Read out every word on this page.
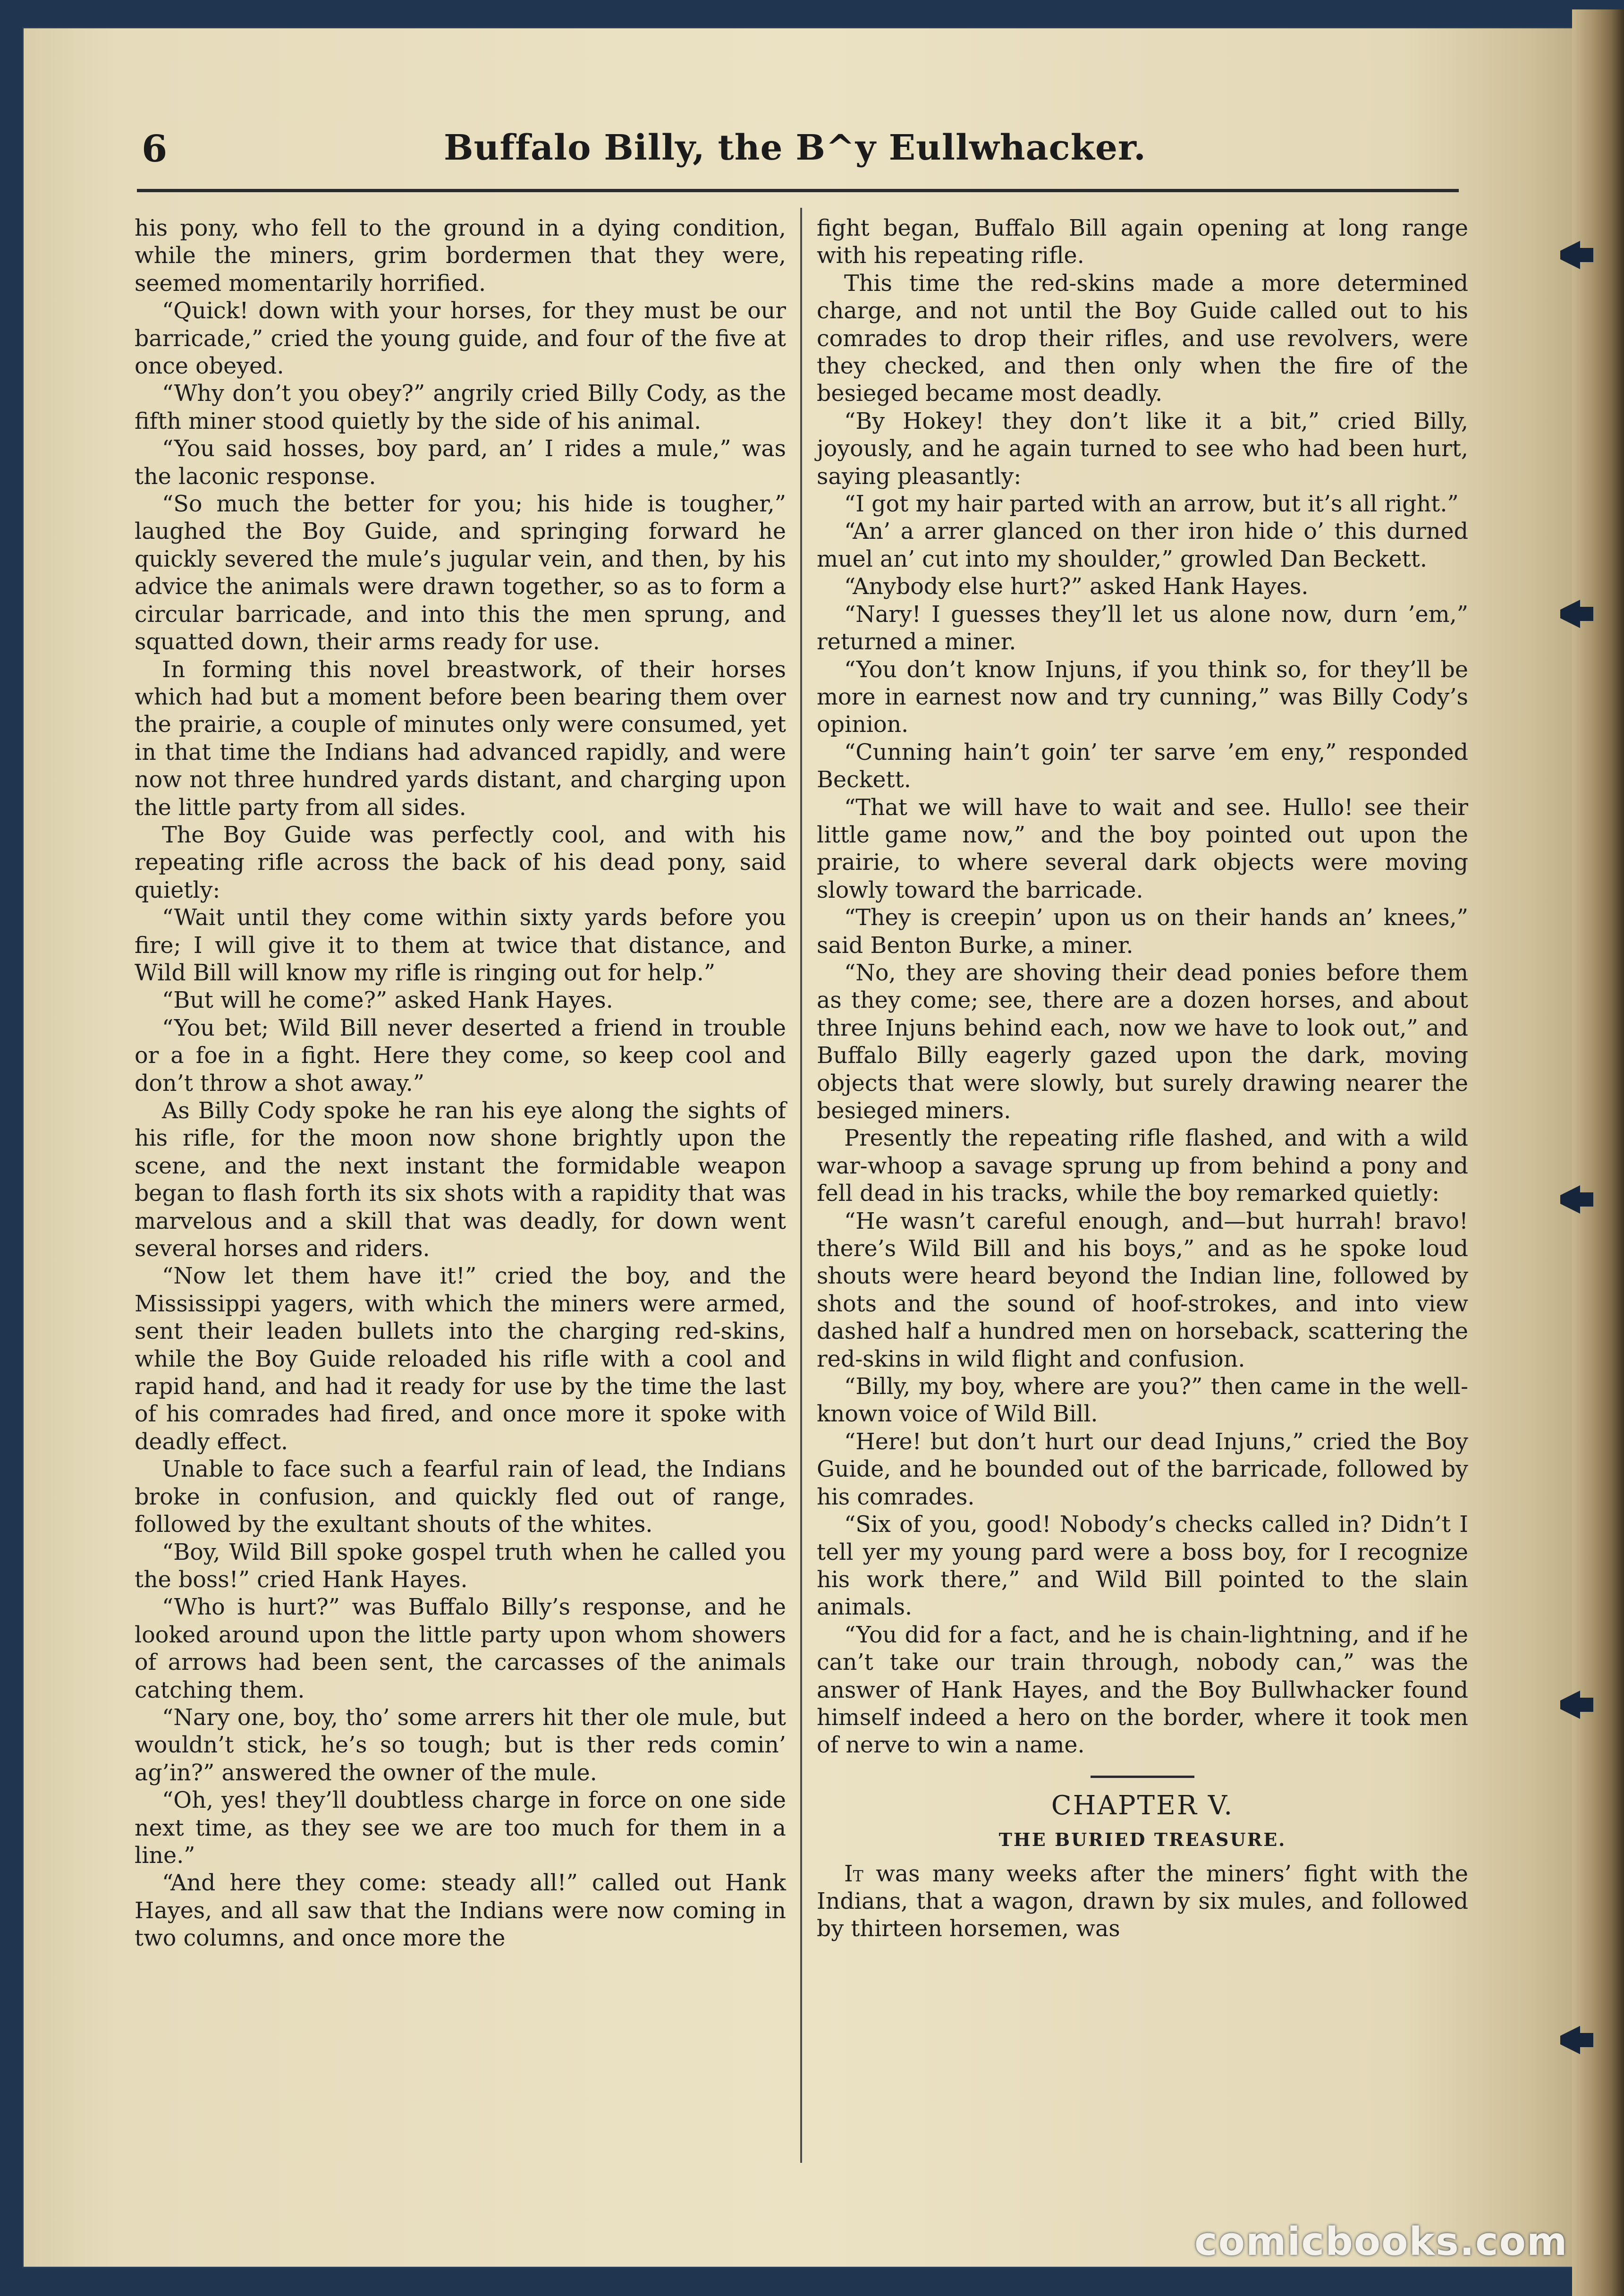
6	Buffalo Billy, the B^y Eullwhacker.

his pony, who fell to the ground in a dying condition, while the miners, grim bordermen that they were, seemed momentarily horrified.

“Quick! down with your horses, for they must be our barricade,” cried the young guide, and four of the five at once obeyed.

“Why don’t you obey?” angrily cried Billy Cody, as the fifth miner stood quietly by the side of his animal.

“You said hosses, boy pard, an’ I rides a mule,” was the laconic response.

“So much the better for you; his hide is tougher,” laughed the Boy Guide, and springing forward he quickly severed the mule’s jugular vein, and then, by his advice the animals were drawn together, so as to form a circular barricade, and into this the men sprung, and squatted down, their arms ready for use.

In forming this novel breastwork, of their horses which had but a moment before been bearing them over the prairie, a couple of minutes only were consumed, yet in that time the Indians had advanced rapidly, and were now not three hundred yards distant, and charging upon the little party from all sides.

The Boy Guide was perfectly cool, and with his repeating rifle across the back of his dead pony, said quietly:

“Wait until they come within sixty yards before you fire; I will give it to them at twice that distance, and Wild Bill will know my rifle is ringing out for help.”

“But will he come?” asked Hank Hayes.

“You bet; Wild Bill never deserted a friend in trouble or a foe in a fight. Here they come, so keep cool and don’t throw a shot away.”

As Billy Cody spoke he ran his eye along the sights of his rifle, for the moon now shone brightly upon the scene, and the next instant the formidable weapon began to flash forth its six shots with a rapidity that was marvelous and a skill that was deadly, for down went several horses and riders.

“Now let them have it!” cried the boy, and the Mississippi yagers, with which the miners were armed, sent their leaden bullets into the charging red-skins, while the Boy Guide reloaded his rifle with a cool and rapid hand, and had it ready for use by the time the last of his comrades had fired, and once more it spoke with deadly effect.

Unable to face such a fearful rain of lead, the Indians broke in confusion, and quickly fled out of range, followed by the exultant shouts of the whites.

“Boy, Wild Bill spoke gospel truth when he called you the boss!” cried Hank Hayes.

“Who is hurt?” was Buffalo Billy’s response, and he looked around upon the little party upon whom showers of arrows had been sent, the carcasses of the animals catching them.

“Nary one, boy, tho’ some arrers hit ther ole mule, but wouldn’t stick, he’s so tough; but is ther reds comin’ ag’in?” answered the owner of the mule.

“Oh, yes! they’ll doubtless charge in force on one side next time, as they see we are too much for them in a line.”

“And here they come: steady all!” called out Hank Hayes, and all saw that the Indians were now coming in two columns, and once more the

fight began, Buffalo Bill again opening at long range with his repeating rifle.

This time the red-skins made a more determined charge, and not until the Boy Guide called out to his comrades to drop their rifles, and use revolvers, were they checked, and then only when the fire of the besieged became most deadly.

“By Hokey! they don’t like it a bit,” cried Billy, joyously, and he again turned to see who had been hurt, saying pleasantly:

“I got my hair parted with an arrow, but it’s all right.”

“An’ a arrer glanced on ther iron hide o’ this durned muel an’ cut into my shoulder,” growled Dan Beckett.

“Anybody else hurt?” asked Hank Hayes.

“Nary! I guesses they’ll let us alone now, durn ’em,” returned a miner.

“You don’t know Injuns, if you think so, for they’ll be more in earnest now and try cunning,” was Billy Cody’s opinion.

“Cunning hain’t goin’ ter sarve ’em eny,” responded Beckett.

“That we will have to wait and see. Hullo! see their little game now,” and the boy pointed out upon the prairie, to where several dark objects were moving slowly toward the barricade.

“They is creepin’ upon us on their hands an’ knees,” said Benton Burke, a miner.

“No, they are shoving their dead ponies before them as they come; see, there are a dozen horses, and about three Injuns behind each, now we have to look out,” and Buffalo Billy eagerly gazed upon the dark, moving objects that were slowly, but surely drawing nearer the besieged miners.

Presently the repeating rifle flashed, and with a wild war-whoop a savage sprung up from behind a pony and fell dead in his tracks, while the boy remarked quietly:

“He wasn’t careful enough, and—but hurrah! bravo! there’s Wild Bill and his boys,” and as he spoke loud shouts were heard beyond the Indian line, followed by shots and the sound of hoof-strokes, and into view dashed half a hundred men on horseback, scattering the red-skins in wild flight and confusion.

“Billy, my boy, where are you?” then came in the well-known voice of Wild Bill.

“Here! but don’t hurt our dead Injuns,” cried the Boy Guide, and he bounded out of the barricade, followed by his comrades.

“Six of you, good! Nobody’s checks called in? Didn’t I tell yer my young pard were a boss boy, for I recognize his work there,” and Wild Bill pointed to the slain animals.

“You did for a fact, and he is chain-lightning, and if he can’t take our train through, nobody can,” was the answer of Hank Hayes, and the Boy Bullwhacker found himself indeed a hero on the border, where it took men of nerve to win a name.

CHAPTER V.
THE BURIED TREASURE.

It was many weeks after the miners’ fight with the Indians, that a wagon, drawn by six mules, and followed by thirteen horsemen, was

comicbooks.com
